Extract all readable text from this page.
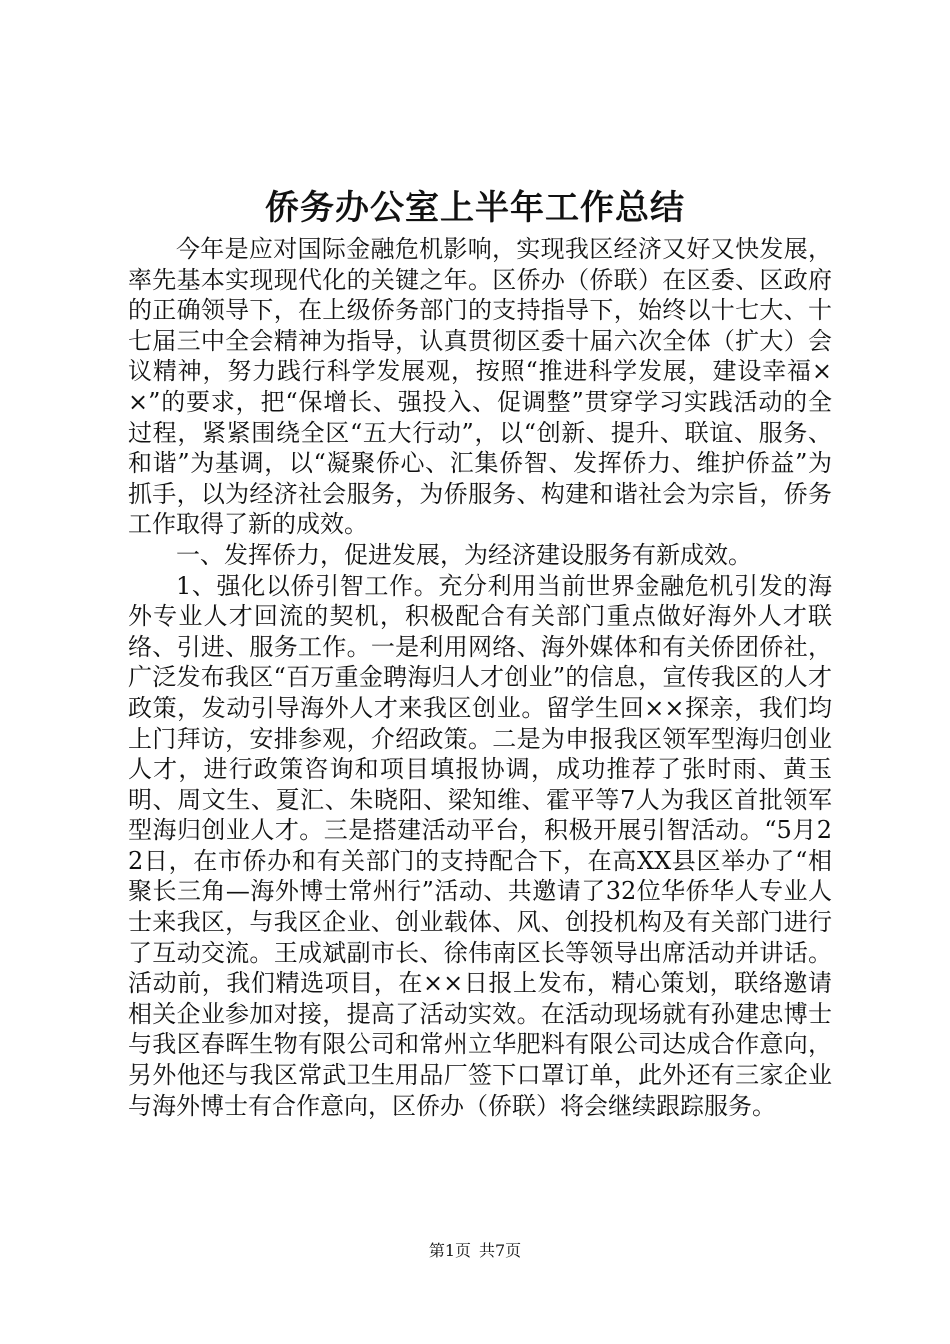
侨务办公室上半年工作总结

今年是应对国际金融危机影响，实现我区经济又好又快发展，率先基本实现现代化的关键之年。区侨办（侨联）在区委、区政府的正确领导下，在上级侨务部门的支持指导下，始终以十七大、十七届三中全会精神为指导，认真贯彻区委十届六次全体（扩大）会议精神，努力践行科学发展观，按照“推进科学发展，建设幸福××”的要求，把“保增长、强投入、促调整”贯穿学习实践活动的全过程，紧紧围绕全区“五大行动”，以“创新、提升、联谊、服务、和谐”为基调，以“凝聚侨心、汇集侨智、发挥侨力、维护侨益”为抓手，以为经济社会服务，为侨服务、构建和谐社会为宗旨，侨务工作取得了新的成效。

一、发挥侨力，促进发展，为经济建设服务有新成效。

1、强化以侨引智工作。充分利用当前世界金融危机引发的海外专业人才回流的契机，积极配合有关部门重点做好海外人才联络、引进、服务工作。一是利用网络、海外媒体和有关侨团侨社，广泛发布我区“百万重金聘海归人才创业”的信息，宣传我区的人才政策，发动引导海外人才来我区创业。留学生回××探亲，我们均上门拜访，安排参观，介绍政策。二是为申报我区领军型海归创业人才，进行政策咨询和项目填报协调，成功推荐了张时雨、黄玉明、周文生、夏汇、朱晓阳、梁知维、霍平等7人为我区首批领军型海归创业人才。三是搭建活动平台，积极开展引智活动。“5月22日，在市侨办和有关部门的支持配合下，在高XX县区举办了“相聚长三角—海外博士常州行”活动、共邀请了32位华侨华人专业人士来我区，与我区企业、创业载体、风、创投机构及有关部门进行了互动交流。王成斌副市长、徐伟南区长等领导出席活动并讲话。活动前，我们精选项目，在××日报上发布，精心策划，联络邀请相关企业参加对接，提高了活动实效。在活动现场就有孙建忠博士与我区春晖生物有限公司和常州立华肥料有限公司达成合作意向，另外他还与我区常武卫生用品厂签下口罩订单，此外还有三家企业与海外博士有合作意向，区侨办（侨联）将会继续跟踪服务。

第1页 共7页
